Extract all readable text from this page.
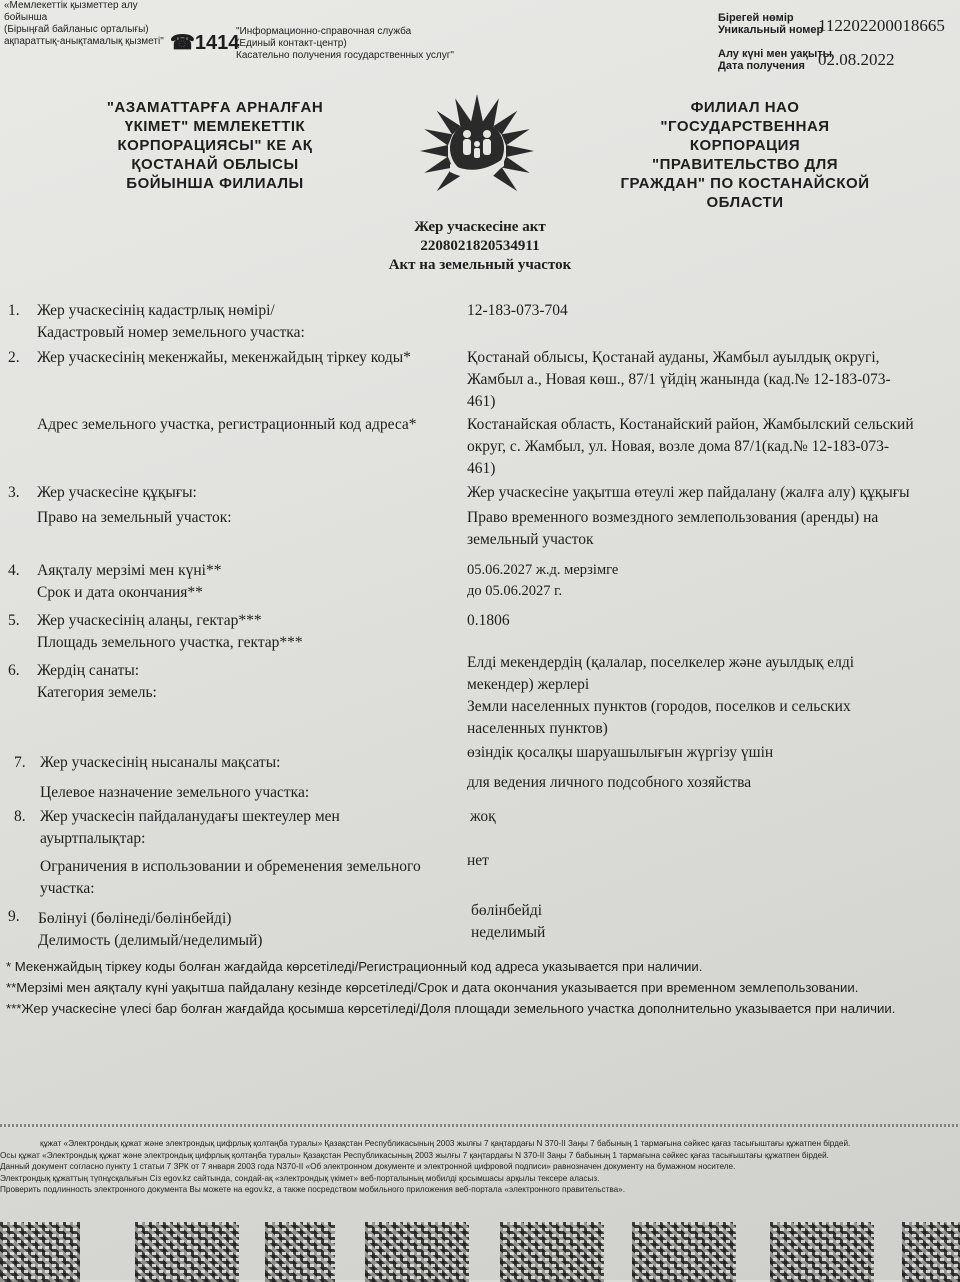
«Мемлекеттік қызметтер алу бойынша
(Бірыңғай байланыс орталығы)
ақпараттық-анықтамалық қызметі" ☎1414
"Информационно-справочная служба
(Единый контакт-центр)
Касательно получения государственных услуг"
Бірегей нөмір
Уникальный номер
112202200018665
Алу күні мен уақыты
Дата получения 02.08.2022
"АЗАМАТТАРҒА АРНАЛҒАН
ҮКІМЕТ" МЕМЛЕКЕТТІК
КОРПОРАЦИЯСЫ" КЕ АҚ
ҚОСТАНАЙ ОБЛЫСЫ
БОЙЫНША ФИЛИАЛЫ
ФИЛИАЛ НАО
"ГОСУДАРСТВЕННАЯ
КОРПОРАЦИЯ
"ПРАВИТЕЛЬСТВО ДЛЯ
ГРАЖДАН" ПО КОСТАНАЙСКОЙ
ОБЛАСТИ
Жер учаскесіне акт
2208021820534911
Акт на земельный участок
1. Жер учаскесінің кадастрлық нөмірі/
Кадастровый номер земельного участка:
12-183-073-704
2. Жер учаскесінің мекенжайы, мекенжайдың тіркеу коды*	Қостанай облысы, Қостанай ауданы, Жамбыл ауылдық округі,
Жамбыл а., Новая көш., 87/1 үйдің жанында (кад.№ 12-183-073-
461)
Адрес земельного участка, регистрационный код адреса*	Костанайская область, Костанайский район, Жамбылский сельский
округ, с. Жамбыл, ул. Новая, возле дома 87/1(кад.№ 12-183-073-
461)
3. Жер учаскесіне құқығы:
Право на земельный участок:
Жер учаскесіне уақытша өтеулі жер пайдалану (жалға алу) құқығы
Право временного возмездного землепользования (аренды) на
земельный участок
4. Аяқталу мерзімі мен күні**
Срок и дата окончания**
05.06.2027 ж.д. мерзімге
до 05.06.2027 г.
5. Жер учаскесінің алаңы, гектар***
Площадь земельного участка, гектар***
0.1806
6. Жердің санаты:
Категория земель:
Елді мекендердің (қалалар, поселкелер және ауылдық елді
мекендер) жерлері
Земли населенных пунктов (городов, поселков и сельских
населенных пунктов)
7. Жер учаскесінің нысаналы мақсаты:
Целевое назначение земельного участка:
өзіндік қосалқы шаруашылығын жүргізу үшін
для ведения личного подсобного хозяйства
8. Жер учаскесін пайдаланудағы шектеулер мен
ауыртпалықтар:
Ограничения в использовании и обременения земельного
участка:
жоқ
нет
9. Бөлінуі (бөлінеді/бөлінбейді)
Делимость (делимый/неделимый)
бөлінбейді
неделимый
* Мекенжайдың тіркеу коды болған жағдайда көрсетіледі/Регистрационный код адреса указывается при наличии.
**Мерзімі мен аяқталу күні уақытша пайдалану кезінде көрсетіледі/Срок и дата окончания указывается при временном землепользовании.
***Жер учаскесіне үлесі бар болған жағдайда қосымша көрсетіледі/Доля площади земельного участка дополнительно указывается при наличии.
құжат «Электрондық құжат және электрондық цифрлық қолтаңба туралы» Қазақстан Республикасының 2003 жылғы 7 қаңтардағы N 370-II Заңы 7 бабының 1 тармағына сәйкес қағаз тасығыштағы құжатпен бірдей.
Осы құжат «Электрондық құжат және электрондық цифрлық қолтаңба туралы» Қазақстан Республикасының 2003 жылғы 7 қаңтардағы N 370-II Заңы 7 бабының 1 тармағына сәйкес қағаз тасығыштағы құжатпен бірдей.
Данный документ согласно пункту 1 статьи 7 ЗРК от 7 января 2003 года N370-II «Об электронном документе и электронной цифровой подписи» равнозначен документу на бумажном носителе.
Электрондық құжаттың түпнұсқалығын Сіз egov.kz сайтында, сондай-ақ «электрондық үкімет» веб-порталының мобилді қосымшасы арқылы тексере аласыз.
Проверить подлинность электронного документа Вы можете на egov.kz, а также посредством мобильного приложения веб-портала «электронного правительства».
